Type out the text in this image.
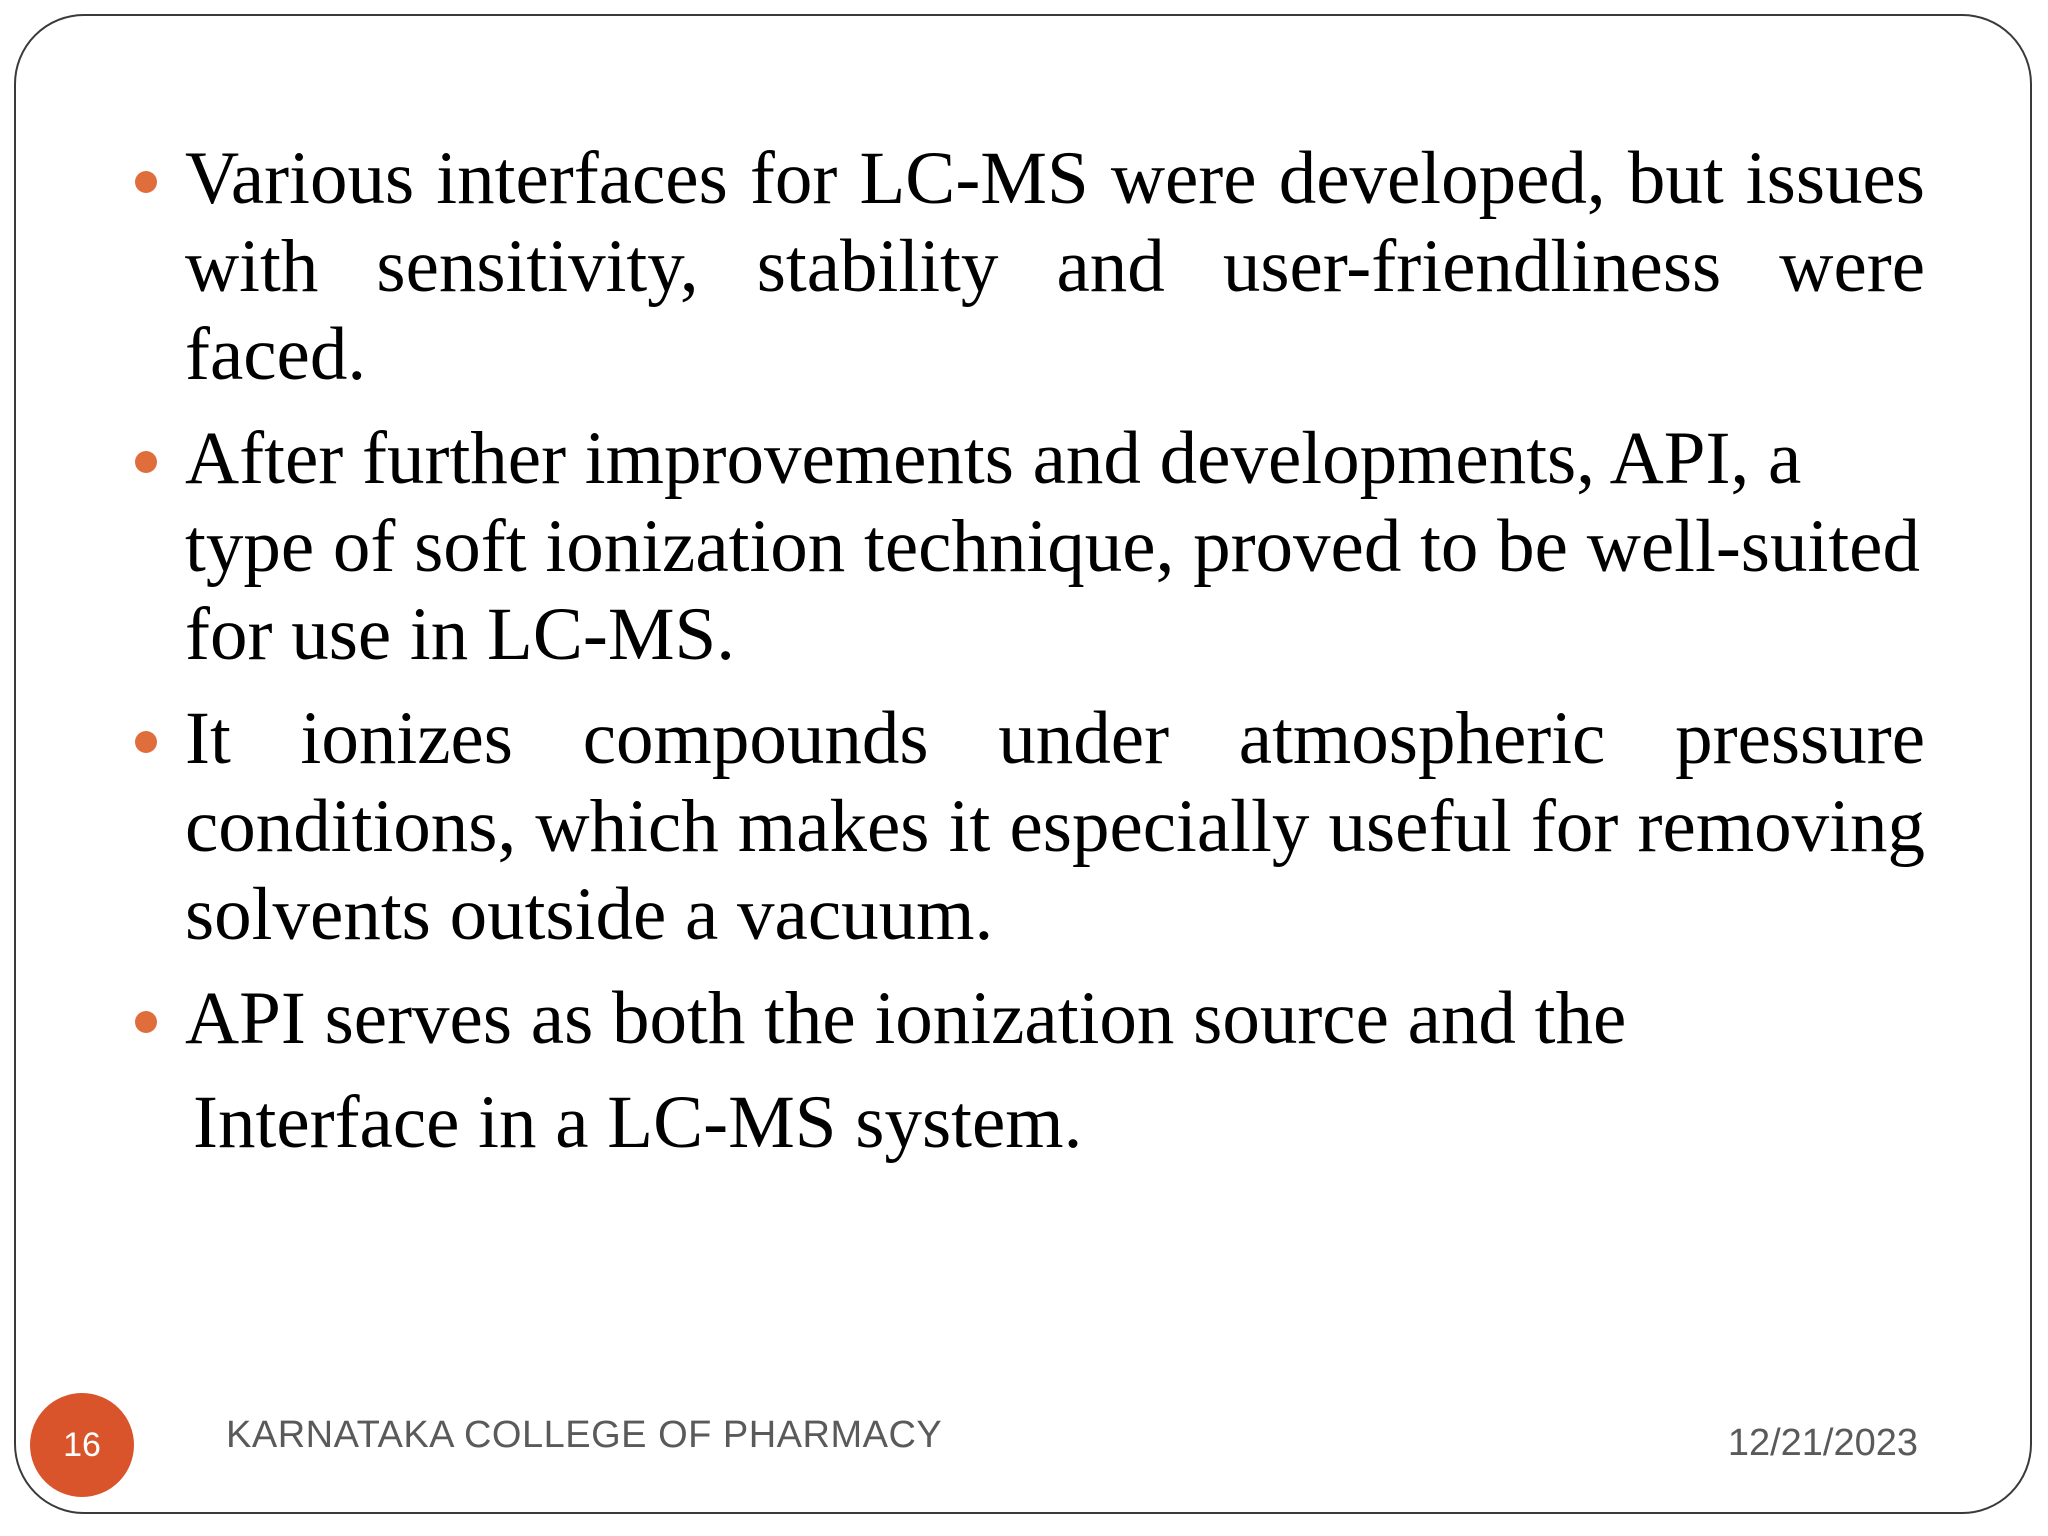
Various interfaces for LC-MS were developed, but issues with sensitivity, stability and user-friendliness were faced.
After further improvements and developments, API, a type of soft ionization technique, proved to be well-suited for use in LC-MS.
It ionizes compounds under atmospheric pressure conditions, which makes it especially useful for removing solvents outside a vacuum.
API serves as both the ionization source and the
Interface in a LC-MS system.
16	KARNATAKA COLLEGE OF PHARMACY	12/21/2023
